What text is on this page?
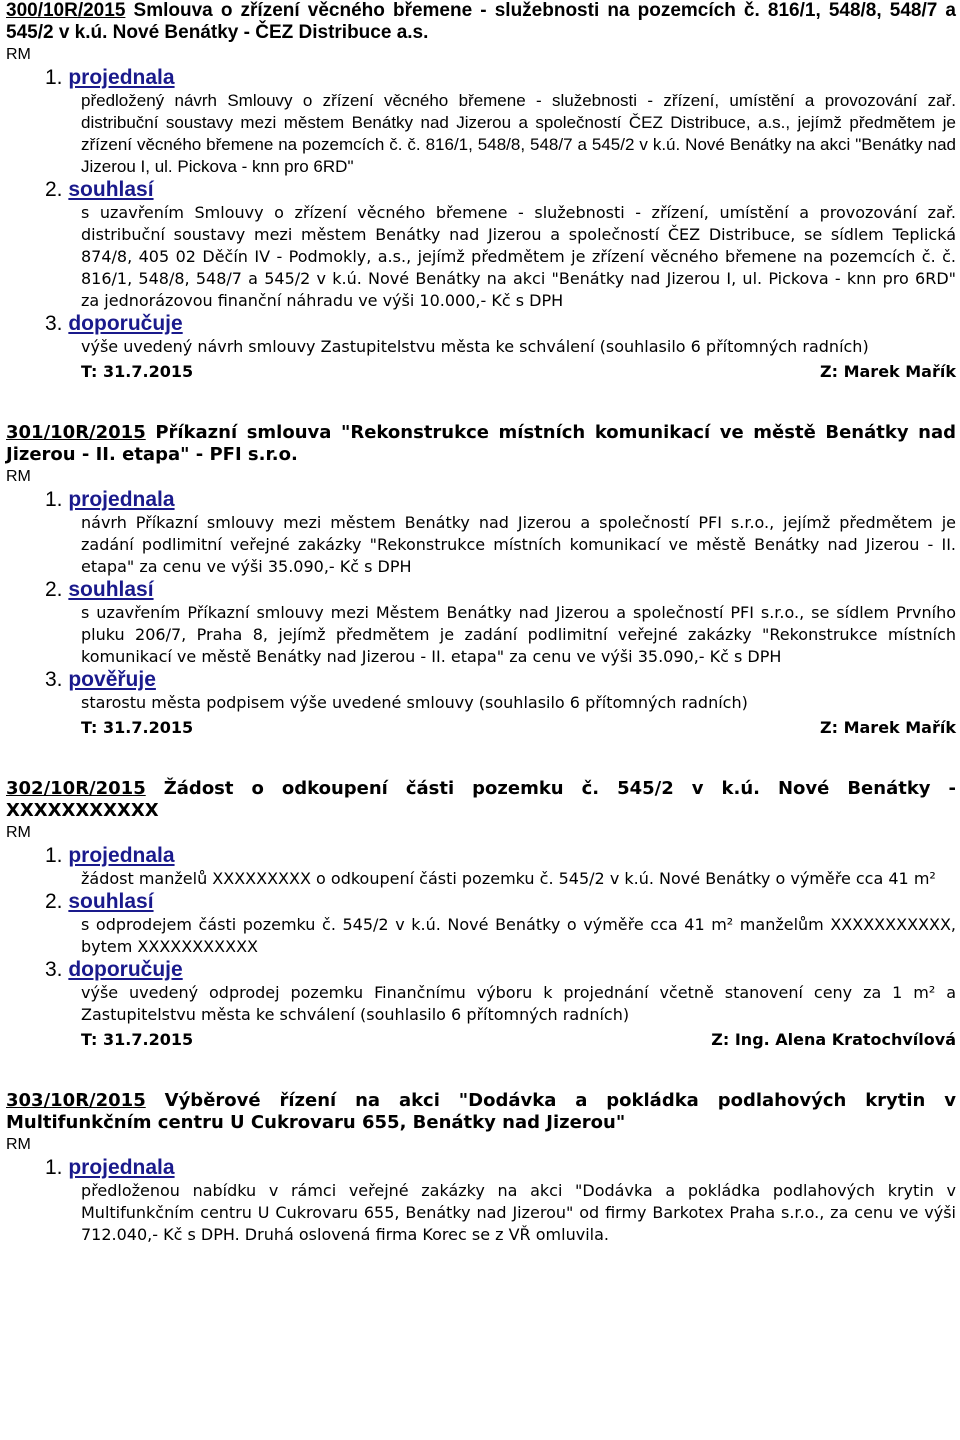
300/10R/2015 Smlouva o zřízení věcného břemene - služebnosti na pozemcích č. 816/1, 548/8, 548/7 a 545/2 v k.ú. Nové Benátky - ČEZ Distribuce a.s.
RM
1. projednala
předložený návrh Smlouvy o zřízení věcného břemene - služebnosti - zřízení, umístění a provozování zař. distribuční soustavy mezi městem Benátky nad Jizerou a společností ČEZ Distribuce, a.s., jejímž předmětem je zřízení věcného břemene na pozemcích č. č. 816/1, 548/8, 548/7 a 545/2 v k.ú. Nové Benátky na akci "Benátky nad Jizerou I, ul. Pickova - knn pro 6RD"
2. souhlasí
s uzavřením Smlouvy o zřízení věcného břemene - služebnosti - zřízení, umístění a provozování zař. distribuční soustavy mezi městem Benátky nad Jizerou a společností ČEZ Distribuce, se sídlem Teplická 874/8, 405 02 Děčín IV - Podmokly, a.s., jejímž předmětem je zřízení věcného břemene na pozemcích č. č. 816/1, 548/8, 548/7 a 545/2 v k.ú. Nové Benátky na akci "Benátky nad Jizerou I, ul. Pickova - knn pro 6RD" za jednorázovou finanční náhradu ve výši 10.000,- Kč s DPH
3. doporučuje
výše uvedený návrh smlouvy Zastupitelstvu města ke schválení (souhlasilo 6 přítomných radních)
T: 31.7.2015	Z: Marek Mařík
301/10R/2015 Příkazní smlouva "Rekonstrukce místních komunikací ve městě Benátky nad Jizerou - II. etapa" - PFI s.r.o.
RM
1. projednala
návrh Příkazní smlouvy mezi městem Benátky nad Jizerou a společností PFI s.r.o., jejímž předmětem je zadání podlimitní veřejné zakázky "Rekonstrukce místních komunikací ve městě Benátky nad Jizerou - II. etapa" za cenu ve výši 35.090,- Kč s DPH
2. souhlasí
s uzavřením Příkazní smlouvy mezi Městem Benátky nad Jizerou a společností PFI s.r.o., se sídlem Prvního pluku 206/7, Praha 8, jejímž předmětem je zadání podlimitní veřejné zakázky "Rekonstrukce místních komunikací ve městě Benátky nad Jizerou - II. etapa" za cenu ve výši 35.090,- Kč s DPH
3. pověřuje
starostu města podpisem výše uvedené smlouvy (souhlasilo 6 přítomných radních)
T: 31.7.2015	Z: Marek Mařík
302/10R/2015 Žádost o odkoupení části pozemku č. 545/2 v k.ú. Nové Benátky - XXXXXXXXXXX
RM
1. projednala
žádost manželů XXXXXXXXX o odkoupení části pozemku č. 545/2 v k.ú. Nové Benátky o výměře cca 41 m²
2. souhlasí
s odprodejem části pozemku č. 545/2 v k.ú. Nové Benátky o výměře cca 41 m² manželům XXXXXXXXXXX, bytem XXXXXXXXXXX
3. doporučuje
výše uvedený odprodej pozemku Finančnímu výboru k projednání včetně stanovení ceny za 1 m² a Zastupitelstvu města ke schválení (souhlasilo 6 přítomných radních)
T: 31.7.2015	Z: Ing. Alena Kratochvílová
303/10R/2015 Výběrové řízení na akci "Dodávka a pokládka podlahových krytin v Multifunkčním centru U Cukrovaru 655, Benátky nad Jizerou"
RM
1. projednala
předloženou nabídku v rámci veřejné zakázky na akci "Dodávka a pokládka podlahových krytin v Multifunkčním centru U Cukrovaru 655, Benátky nad Jizerou" od firmy Barkotex Praha s.r.o., za cenu ve výši 712.040,- Kč s DPH. Druhá oslovená firma Korec se z VŘ omluvila.
